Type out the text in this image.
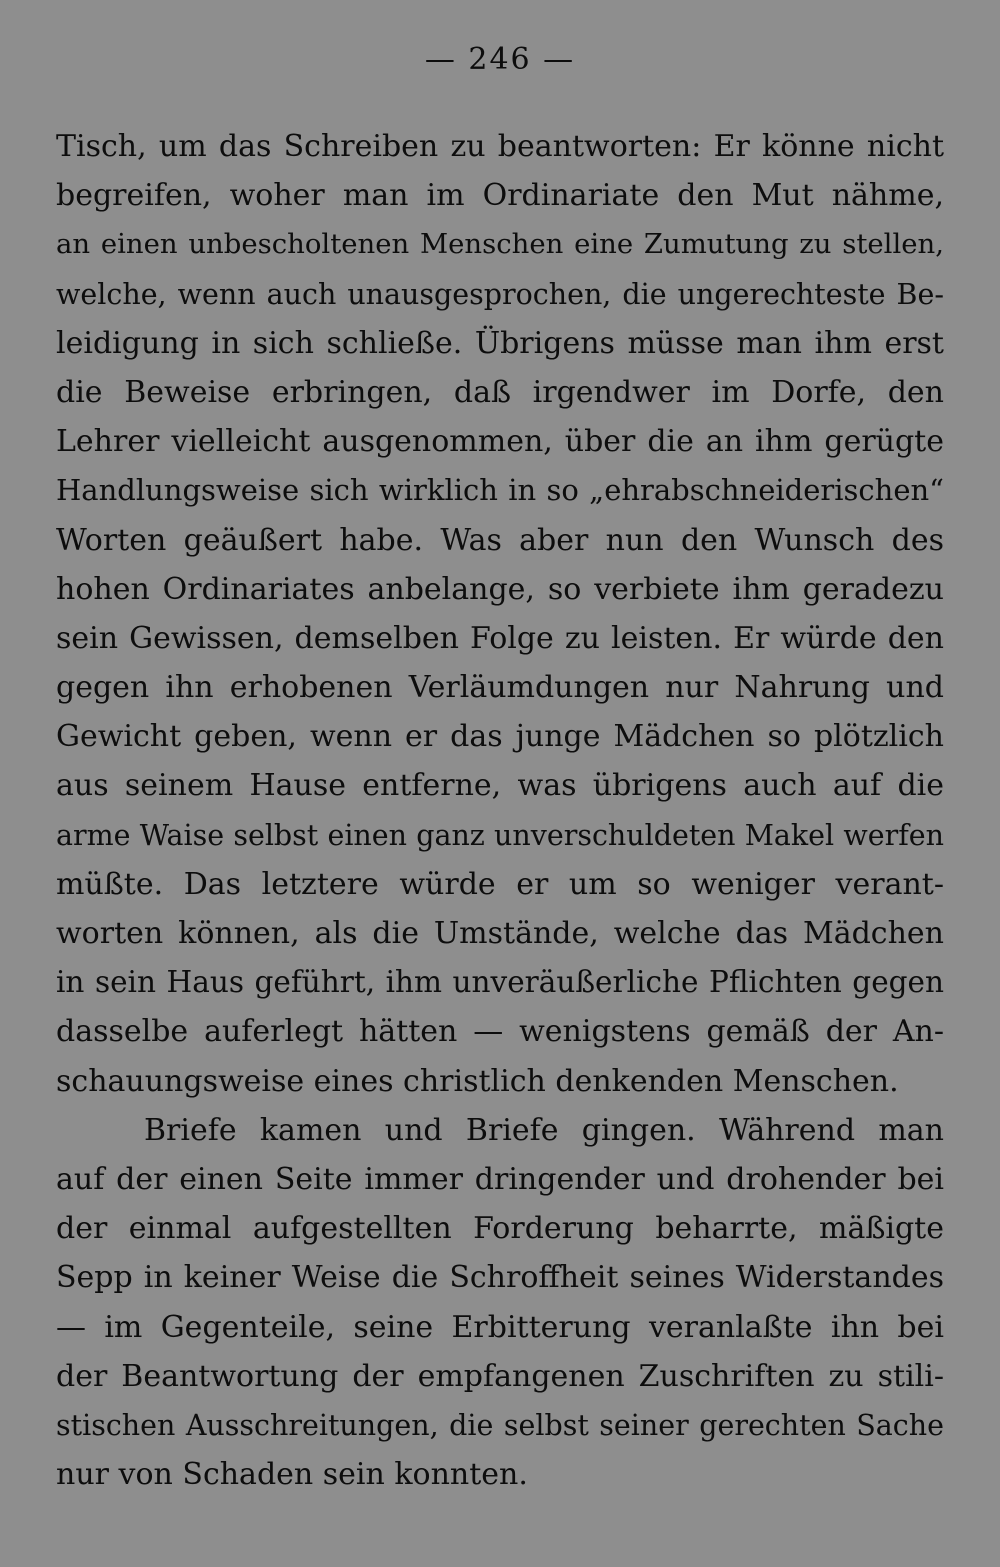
— 246 —
Tisch, um das Schreiben zu beantworten: Er könne nicht
begreifen, woher man im Ordinariate den Mut nähme,
an einen unbescholtenen Menschen eine Zumutung zu stellen,
welche, wenn auch unausgesprochen, die ungerechteste Be-
leidigung in sich schließe. Übrigens müsse man ihm erst
die Beweise erbringen, daß irgendwer im Dorfe, den
Lehrer vielleicht ausgenommen, über die an ihm gerügte
Handlungsweise sich wirklich in so „ehrabschneiderischen“
Worten geäußert habe. Was aber nun den Wunsch des
hohen Ordinariates anbelange, so verbiete ihm geradezu
sein Gewissen, demselben Folge zu leisten. Er würde den
gegen ihn erhobenen Verläumdungen nur Nahrung und
Gewicht geben, wenn er das junge Mädchen so plötzlich
aus seinem Hause entferne, was übrigens auch auf die
arme Waise selbst einen ganz unverschuldeten Makel werfen
müßte. Das letztere würde er um so weniger verant-
worten können, als die Umstände, welche das Mädchen
in sein Haus geführt, ihm unveräußerliche Pflichten gegen
dasselbe auferlegt hätten — wenigstens gemäß der An-
schauungsweise eines christlich denkenden Menschen.
Briefe kamen und Briefe gingen. Während man
auf der einen Seite immer dringender und drohender bei
der einmal aufgestellten Forderung beharrte, mäßigte
Sepp in keiner Weise die Schroffheit seines Widerstandes
— im Gegenteile, seine Erbitterung veranlaßte ihn bei
der Beantwortung der empfangenen Zuschriften zu stili-
stischen Ausschreitungen, die selbst seiner gerechten Sache
nur von Schaden sein konnten.
